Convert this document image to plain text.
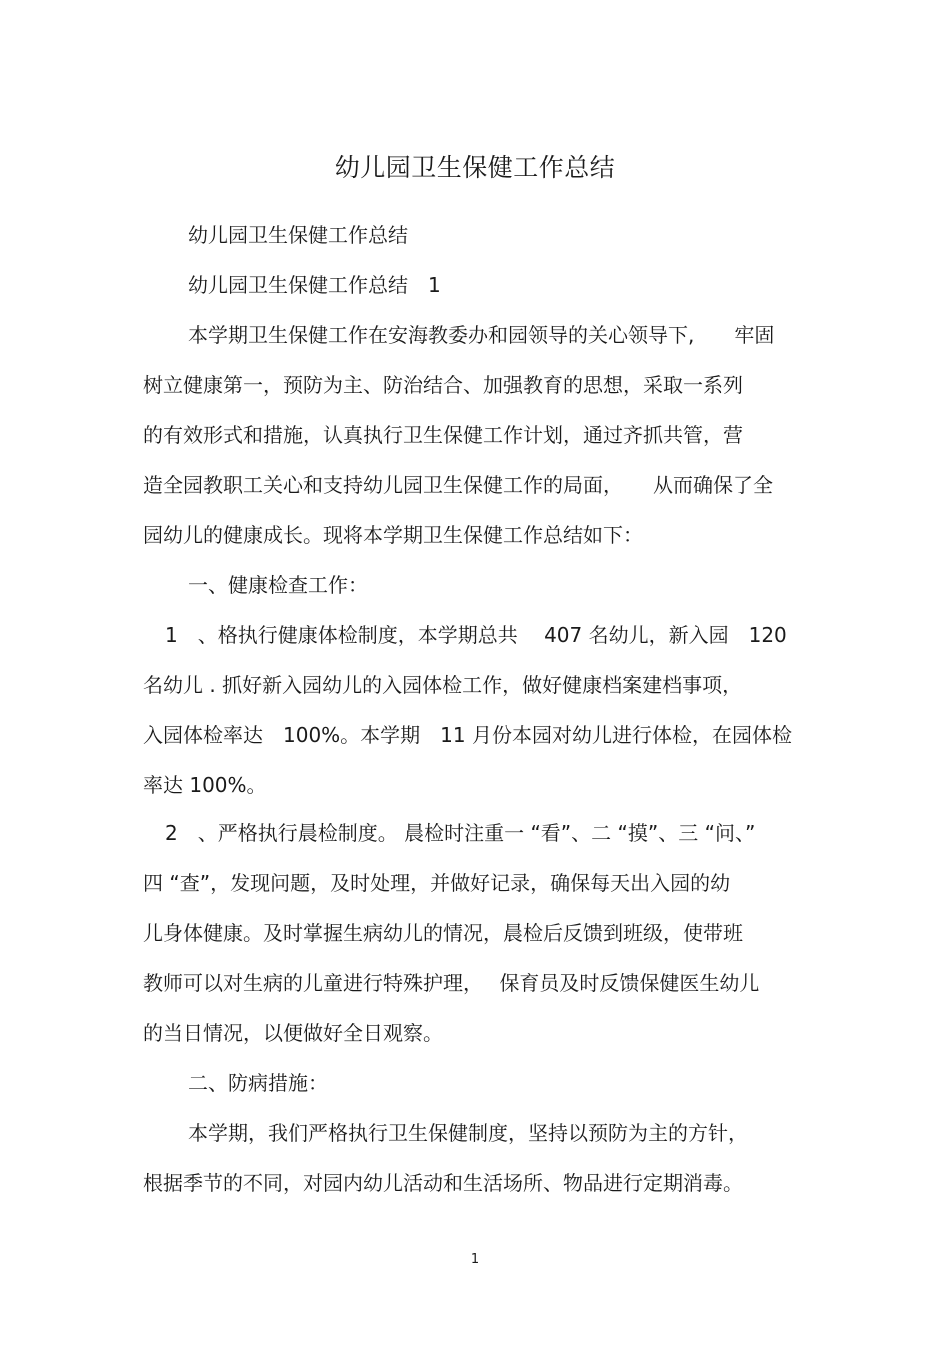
幼儿园卫生保健工作总结
幼儿园卫生保健工作总结
幼儿园卫生保健工作总结　1
本学期卫生保健工作在安海教委办和园领导的关心领导下,　　牢固
树立健康第一，预防为主、防治结合、加强教育的思想，采取一系列
的有效形式和措施，认真执行卫生保健工作计划，通过齐抓共管，营
造全园教职工关心和支持幼儿园卫生保健工作的局面，　　从而确保了全
园幼儿的健康成长。现将本学期卫生保健工作总结如下：
一、健康检查工作：
1　、格执行健康体检制度，本学期总共　 407 名幼儿，新入园　120
名幼儿 . 抓好新入园幼儿的入园体检工作，做好健康档案建档事项，
入园体检率达　100%。本学期　11 月份本园对幼儿进行体检，在园体检
率达 100%。
2　、严格执行晨检制度。 晨检时注重一 “看”、二 “摸”、三 “问、”
四 “查”，发现问题，及时处理，并做好记录，确保每天出入园的幼
儿身体健康。及时掌握生病幼儿的情况，晨检后反馈到班级，使带班
教师可以对生病的儿童进行特殊护理，　 保育员及时反馈保健医生幼儿
的当日情况，以便做好全日观察。
二、防病措施：
本学期，我们严格执行卫生保健制度，坚持以预防为主的方针，
根据季节的不同，对园内幼儿活动和生活场所、物品进行定期消毒。
1
